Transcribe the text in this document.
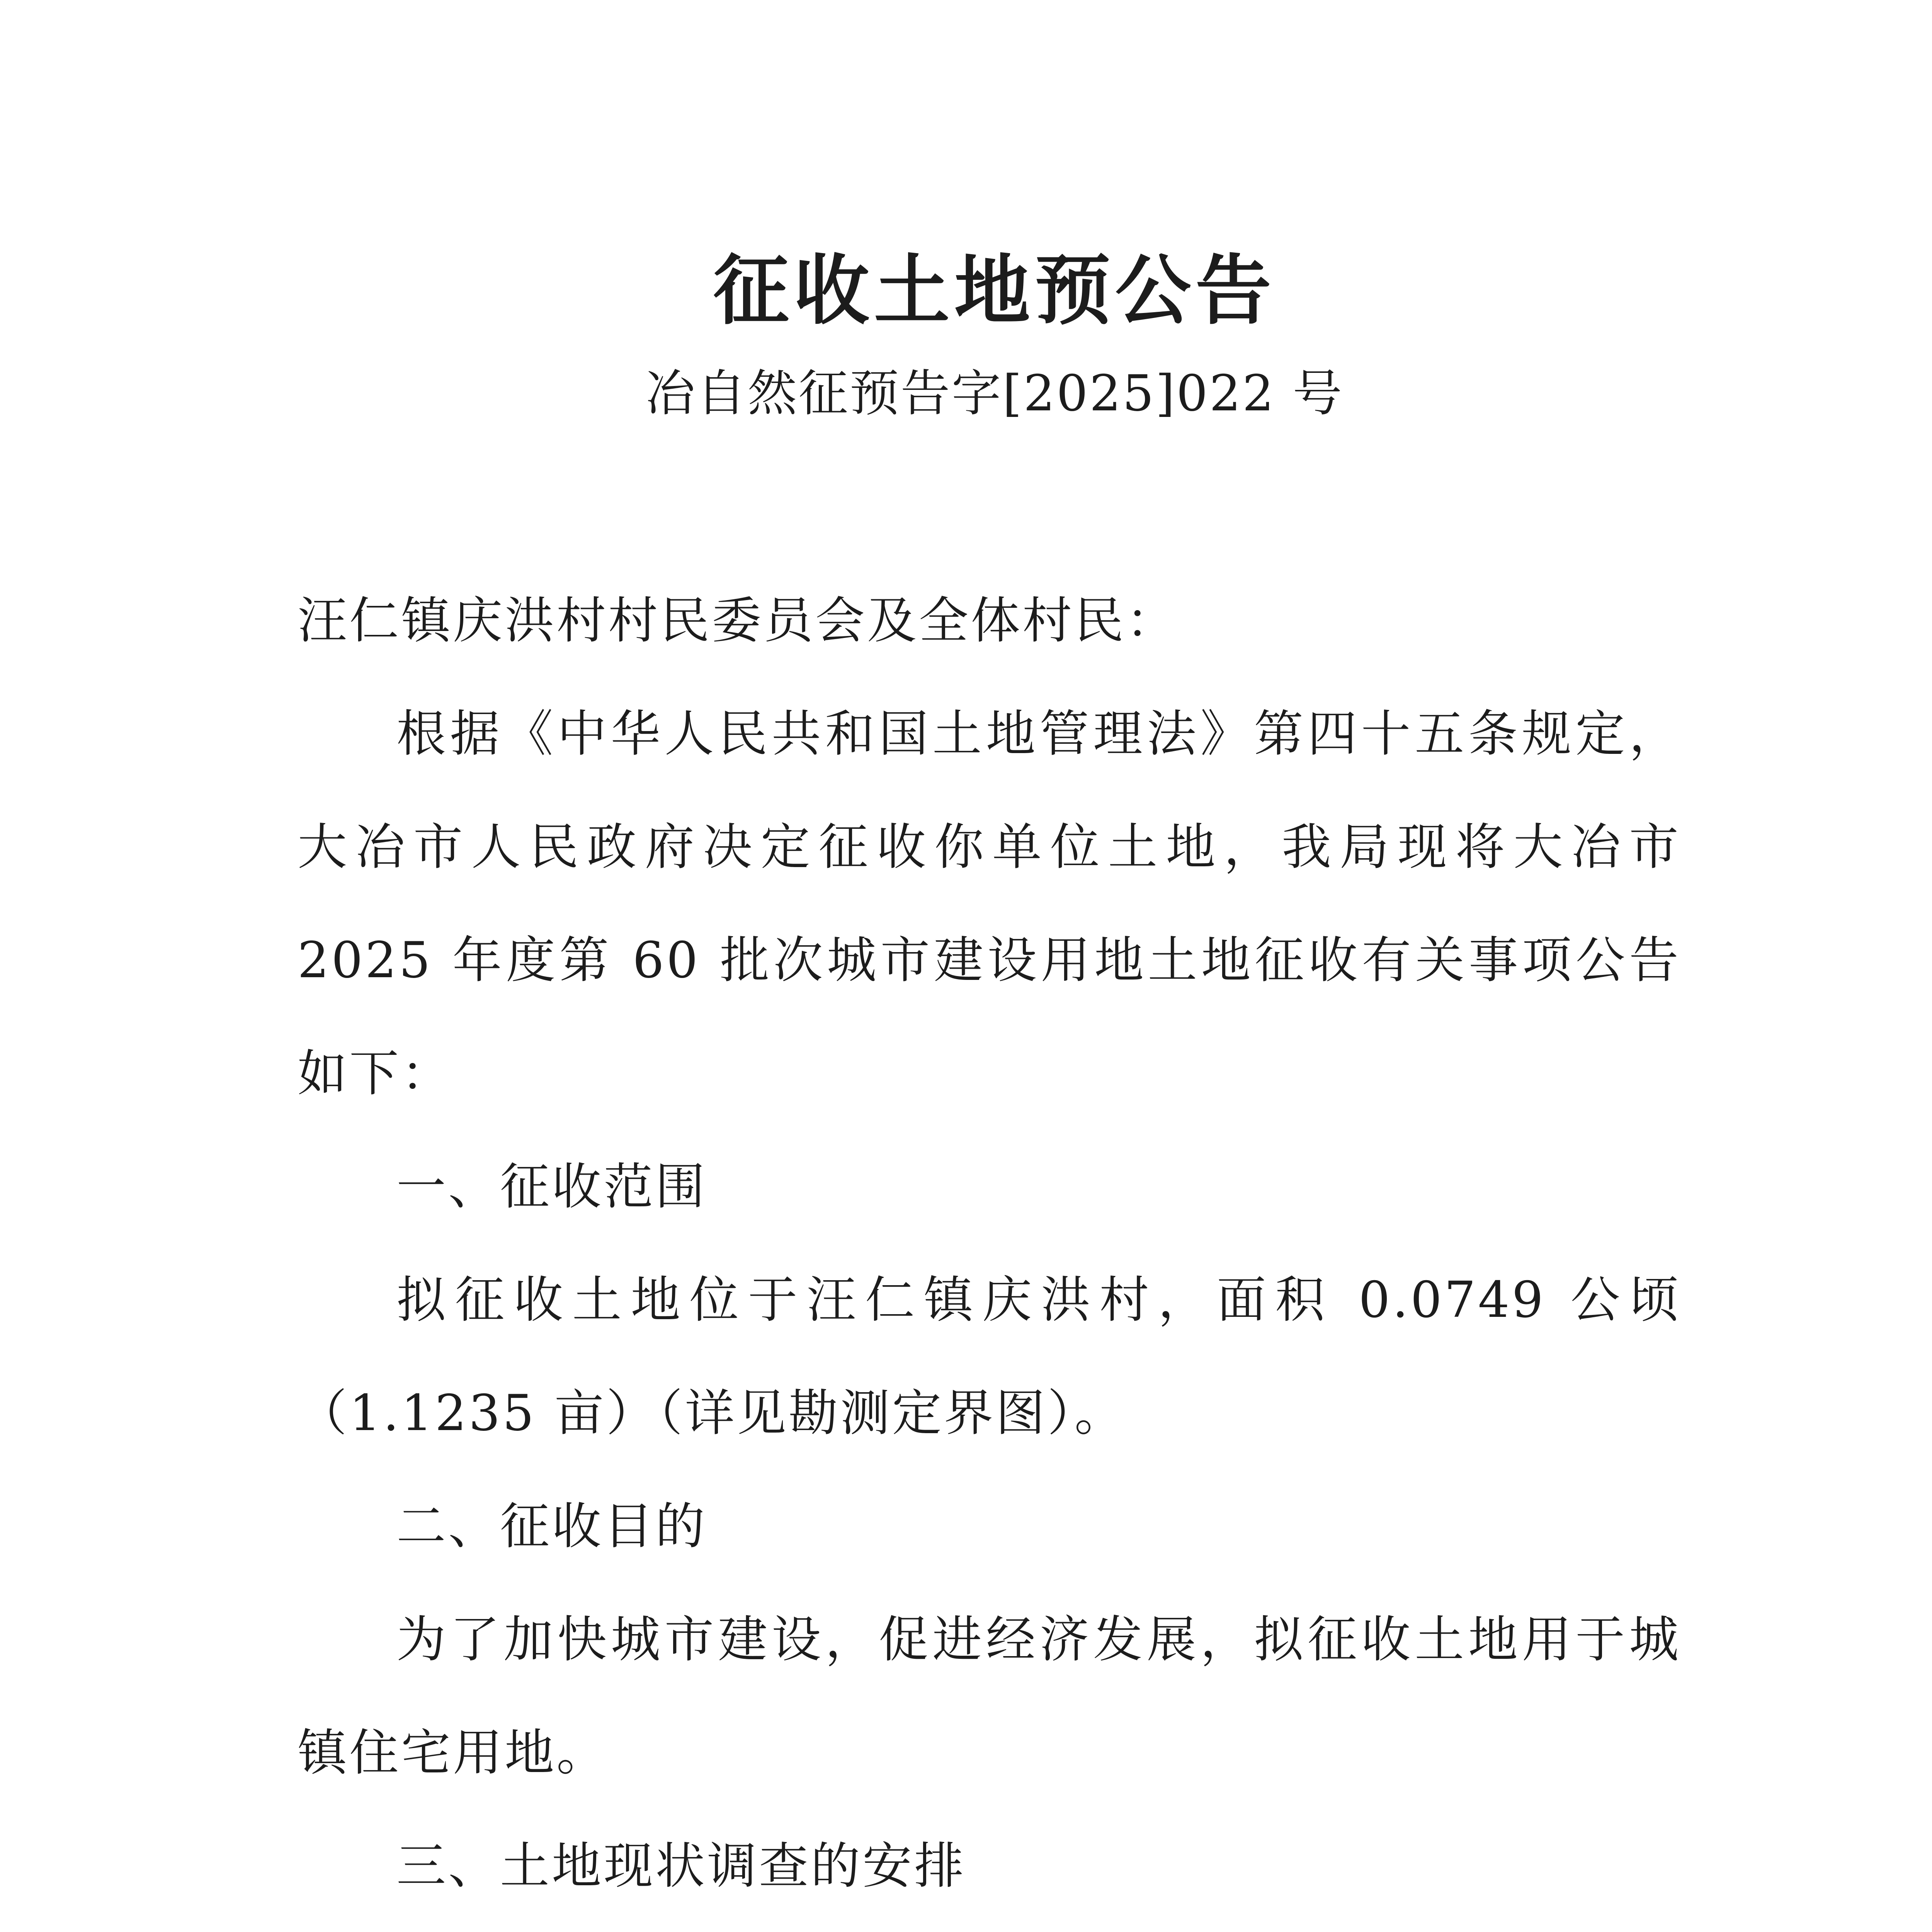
征收土地预公告
冶自然征预告字[2025]022 号

汪仁镇庆洪村村民委员会及全体村民：

根据《中华人民共和国土地管理法》第四十五条规定，大冶市人民政府决定征收你单位土地，我局现将大冶市 2025 年度第 60 批次城市建设用地土地征收有关事项公告如下：

一、征收范围

拟征收土地位于汪仁镇庆洪村，面积 0.0749 公顷（1.1235 亩）（详见勘测定界图）。

二、征收目的

为了加快城市建设，促进经济发展，拟征收土地用于城镇住宅用地。

三、土地现状调查的安排
